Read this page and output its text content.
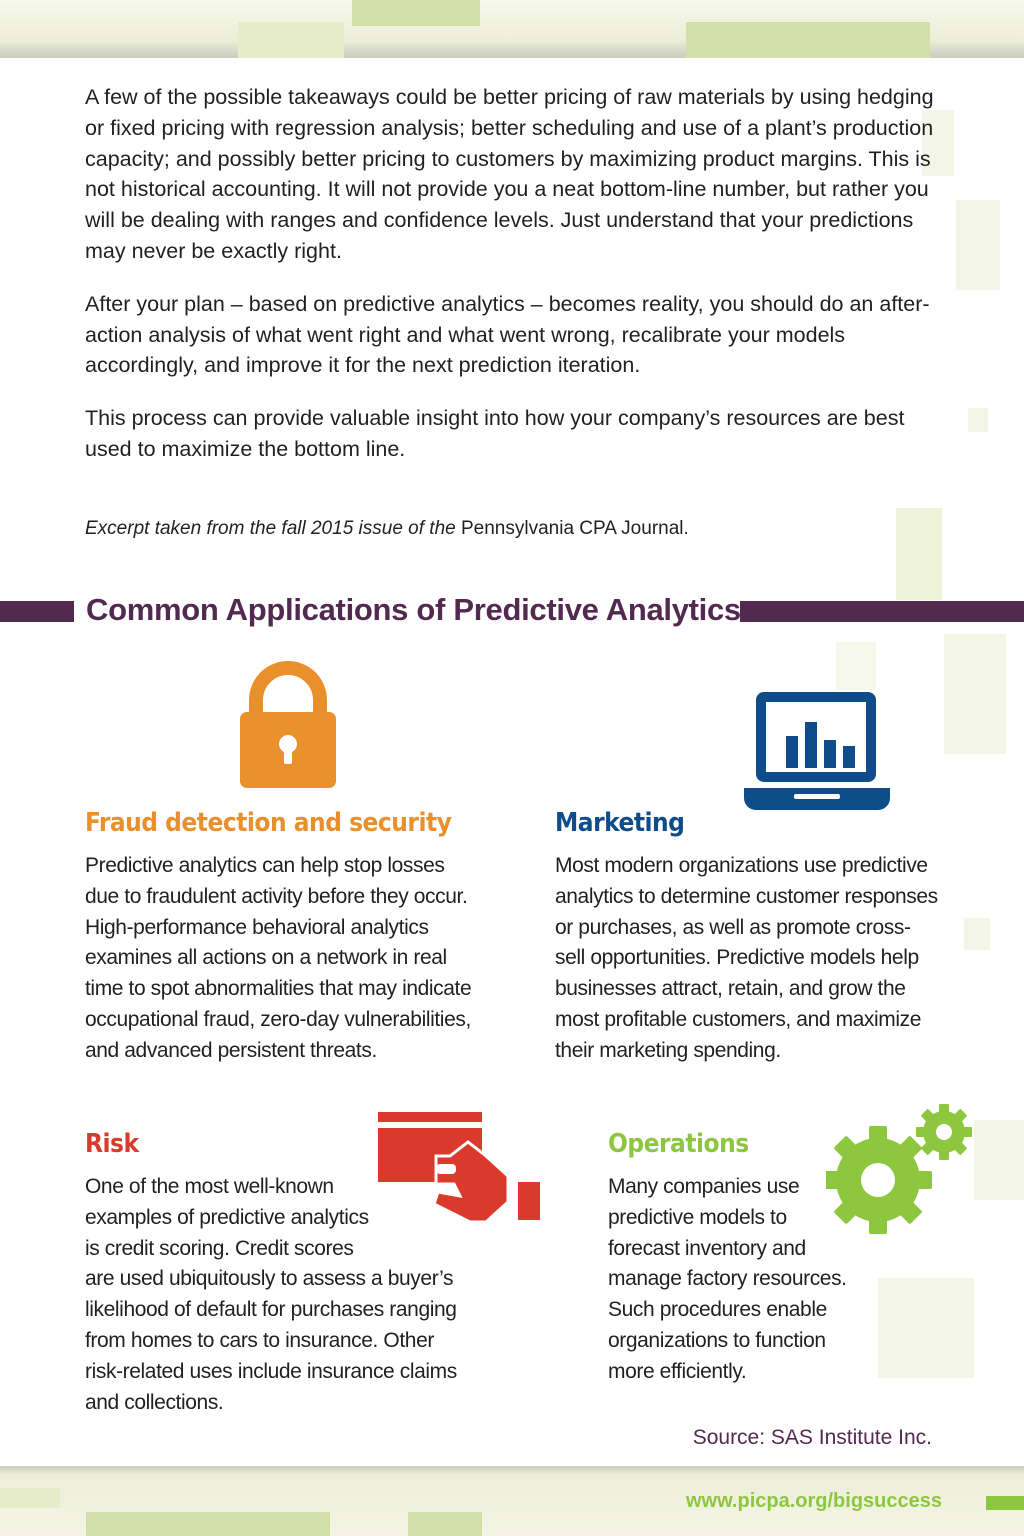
A few of the possible takeaways could be better pricing of raw materials by using hedging or fixed pricing with regression analysis; better scheduling and use of a plant’s production capacity; and possibly better pricing to customers by maximizing product margins. This is not historical accounting. It will not provide you a neat bottom-line number, but rather you will be dealing with ranges and confidence levels. Just understand that your predictions may never be exactly right.

After your plan – based on predictive analytics – becomes reality, you should do an after-action analysis of what went right and what went wrong, recalibrate your models accordingly, and improve it for the next prediction iteration.

This process can provide valuable insight into how your company’s resources are best used to maximize the bottom line.

Excerpt taken from the fall 2015 issue of the Pennsylvania CPA Journal.
Common Applications of Predictive Analytics
Fraud detection and security
Predictive analytics can help stop losses
due to fraudulent activity before they occur.
High-performance behavioral analytics
examines all actions on a network in real
time to spot abnormalities that may indicate
occupational fraud, zero-day vulnerabilities,
and advanced persistent threats.
Marketing
Most modern organizations use predictive
analytics to determine customer responses
or purchases, as well as promote cross-
sell opportunities. Predictive models help
businesses attract, retain, and grow the
most profitable customers, and maximize
their marketing spending.
Risk
One of the most well-known
examples of predictive analytics
is credit scoring. Credit scores
are used ubiquitously to assess a buyer’s
likelihood of default for purchases ranging
from homes to cars to insurance. Other
risk-related uses include insurance claims
and collections.
Operations
Many companies use
predictive models to
forecast inventory and
manage factory resources.
Such procedures enable
organizations to function
more efficiently.
Source: SAS Institute Inc.
www.picpa.org/bigsuccess
